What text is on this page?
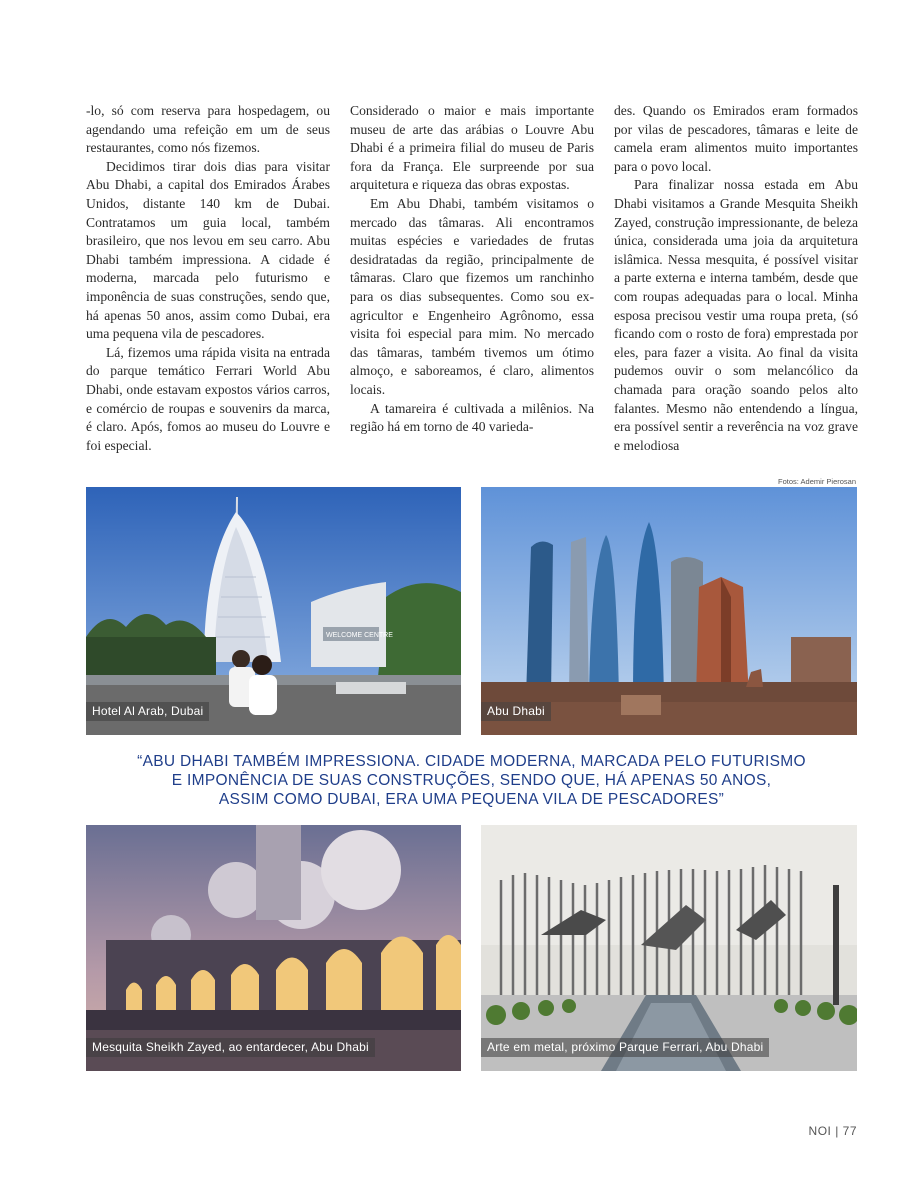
-lo, só com reserva para hospedagem, ou agendando uma refeição em um de seus restaurantes, como nós fizemos.

Decidimos tirar dois dias para visitar Abu Dhabi, a capital dos Emirados Árabes Unidos, distante 140 km de Dubai. Contratamos um guia local, também brasileiro, que nos levou em seu carro. Abu Dhabi também impressiona. A cidade é moderna, marcada pelo futurismo e imponência de suas construções, sendo que, há apenas 50 anos, assim como Dubai, era uma pequena vila de pescadores.

Lá, fizemos uma rápida visita na entrada do parque temático Ferrari World Abu Dhabi, onde estavam expostos vários carros, e comércio de roupas e souvenirs da marca, é claro. Após, fomos ao museu do Louvre e foi especial.

Considerado o maior e mais importante museu de arte das arábias o Louvre Abu Dhabi é a primeira filial do museu de Paris fora da França. Ele surpreende por sua arquitetura e riqueza das obras expostas.

Em Abu Dhabi, também visitamos o mercado das tâmaras. Ali encontramos muitas espécies e variedades de frutas desidratadas da região, principalmente de tâmaras. Claro que fizemos um ranchinho para os dias subsequentes. Como sou ex-agricultor e Engenheiro Agrônomo, essa visita foi especial para mim. No mercado das tâmaras, também tivemos um ótimo almoço, e saboreamos, é claro, alimentos locais.

A tamareira é cultivada a milênios. Na região há em torno de 40 varieda-

des. Quando os Emirados eram formados por vilas de pescadores, tâmaras e leite de camela eram alimentos muito importantes para o povo local.

Para finalizar nossa estada em Abu Dhabi visitamos a Grande Mesquita Sheikh Zayed, construção impressionante, de beleza única, considerada uma joia da arquitetura islâmica. Nessa mesquita, é possível visitar a parte externa e interna também, desde que com roupas adequadas para o local. Minha esposa precisou vestir uma roupa preta, (só ficando com o rosto de fora) emprestada por eles, para fazer a visita. Ao final da visita pudemos ouvir o som melancólico da chamada para oração soando pelos alto falantes. Mesmo não entendendo a língua, era possível sentir a reverência na voz grave e melodiosa

Fotos: Ademir Pierosan
WELCOME CENTRE
Hotel Al Arab, Dubai	Abu Dhabi
“ABU DHABI TAMBÉM IMPRESSIONA. CIDADE MODERNA, MARCADA PELO FUTURISMO
E IMPONÊNCIA DE SUAS CONSTRUÇÕES, SENDO QUE, HÁ APENAS 50 ANOS,
ASSIM COMO DUBAI, ERA UMA PEQUENA VILA DE PESCADORES”
Mesquita Sheikh Zayed, ao entardecer, Abu Dhabi	Arte em metal, próximo Parque Ferrari, Abu Dhabi
NOI | 77
